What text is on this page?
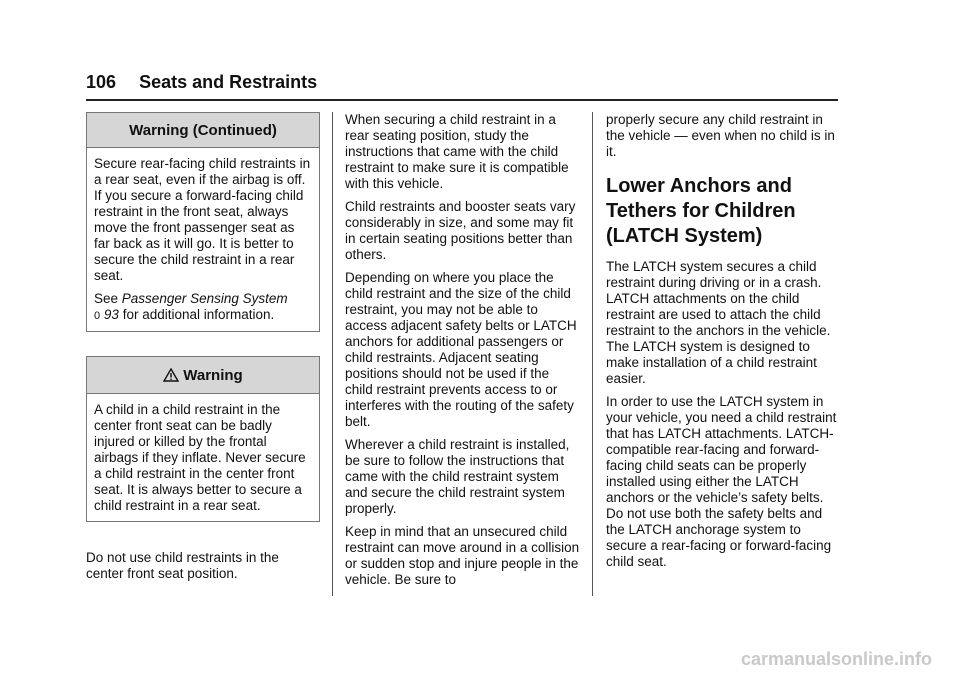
106 Seats and Restraints
Warning (Continued)

Secure rear-facing child restraints in a rear seat, even if the airbag is off. If you secure a forward-facing child restraint in the front seat, always move the front passenger seat as far back as it will go. It is better to secure the child restraint in a rear seat.

See Passenger Sensing System
0 93 for additional information.

Warning

A child in a child restraint in the center front seat can be badly injured or killed by the frontal airbags if they inflate. Never secure a child restraint in the center front seat. It is always better to secure a child restraint in a rear seat.

Do not use child restraints in the center front seat position.

When securing a child restraint in a rear seating position, study the instructions that came with the child restraint to make sure it is compatible with this vehicle.

Child restraints and booster seats vary considerably in size, and some may fit in certain seating positions better than others.

Depending on where you place the child restraint and the size of the child restraint, you may not be able to access adjacent safety belts or LATCH anchors for additional passengers or child restraints. Adjacent seating positions should not be used if the child restraint prevents access to or interferes with the routing of the safety belt.

Wherever a child restraint is installed, be sure to follow the instructions that came with the child restraint system and secure the child restraint system properly.

Keep in mind that an unsecured child restraint can move around in a collision or sudden stop and injure people in the vehicle. Be sure to

properly secure any child restraint in the vehicle — even when no child is in it.

Lower Anchors and Tethers for Children (LATCH System)

The LATCH system secures a child restraint during driving or in a crash. LATCH attachments on the child restraint are used to attach the child restraint to the anchors in the vehicle. The LATCH system is designed to make installation of a child restraint easier.

In order to use the LATCH system in your vehicle, you need a child restraint that has LATCH attachments. LATCH-compatible rear-facing and forward-facing child seats can be properly installed using either the LATCH anchors or the vehicle’s safety belts. Do not use both the safety belts and the LATCH anchorage system to secure a rear-facing or forward-facing child seat.

carmanualsonline.info
